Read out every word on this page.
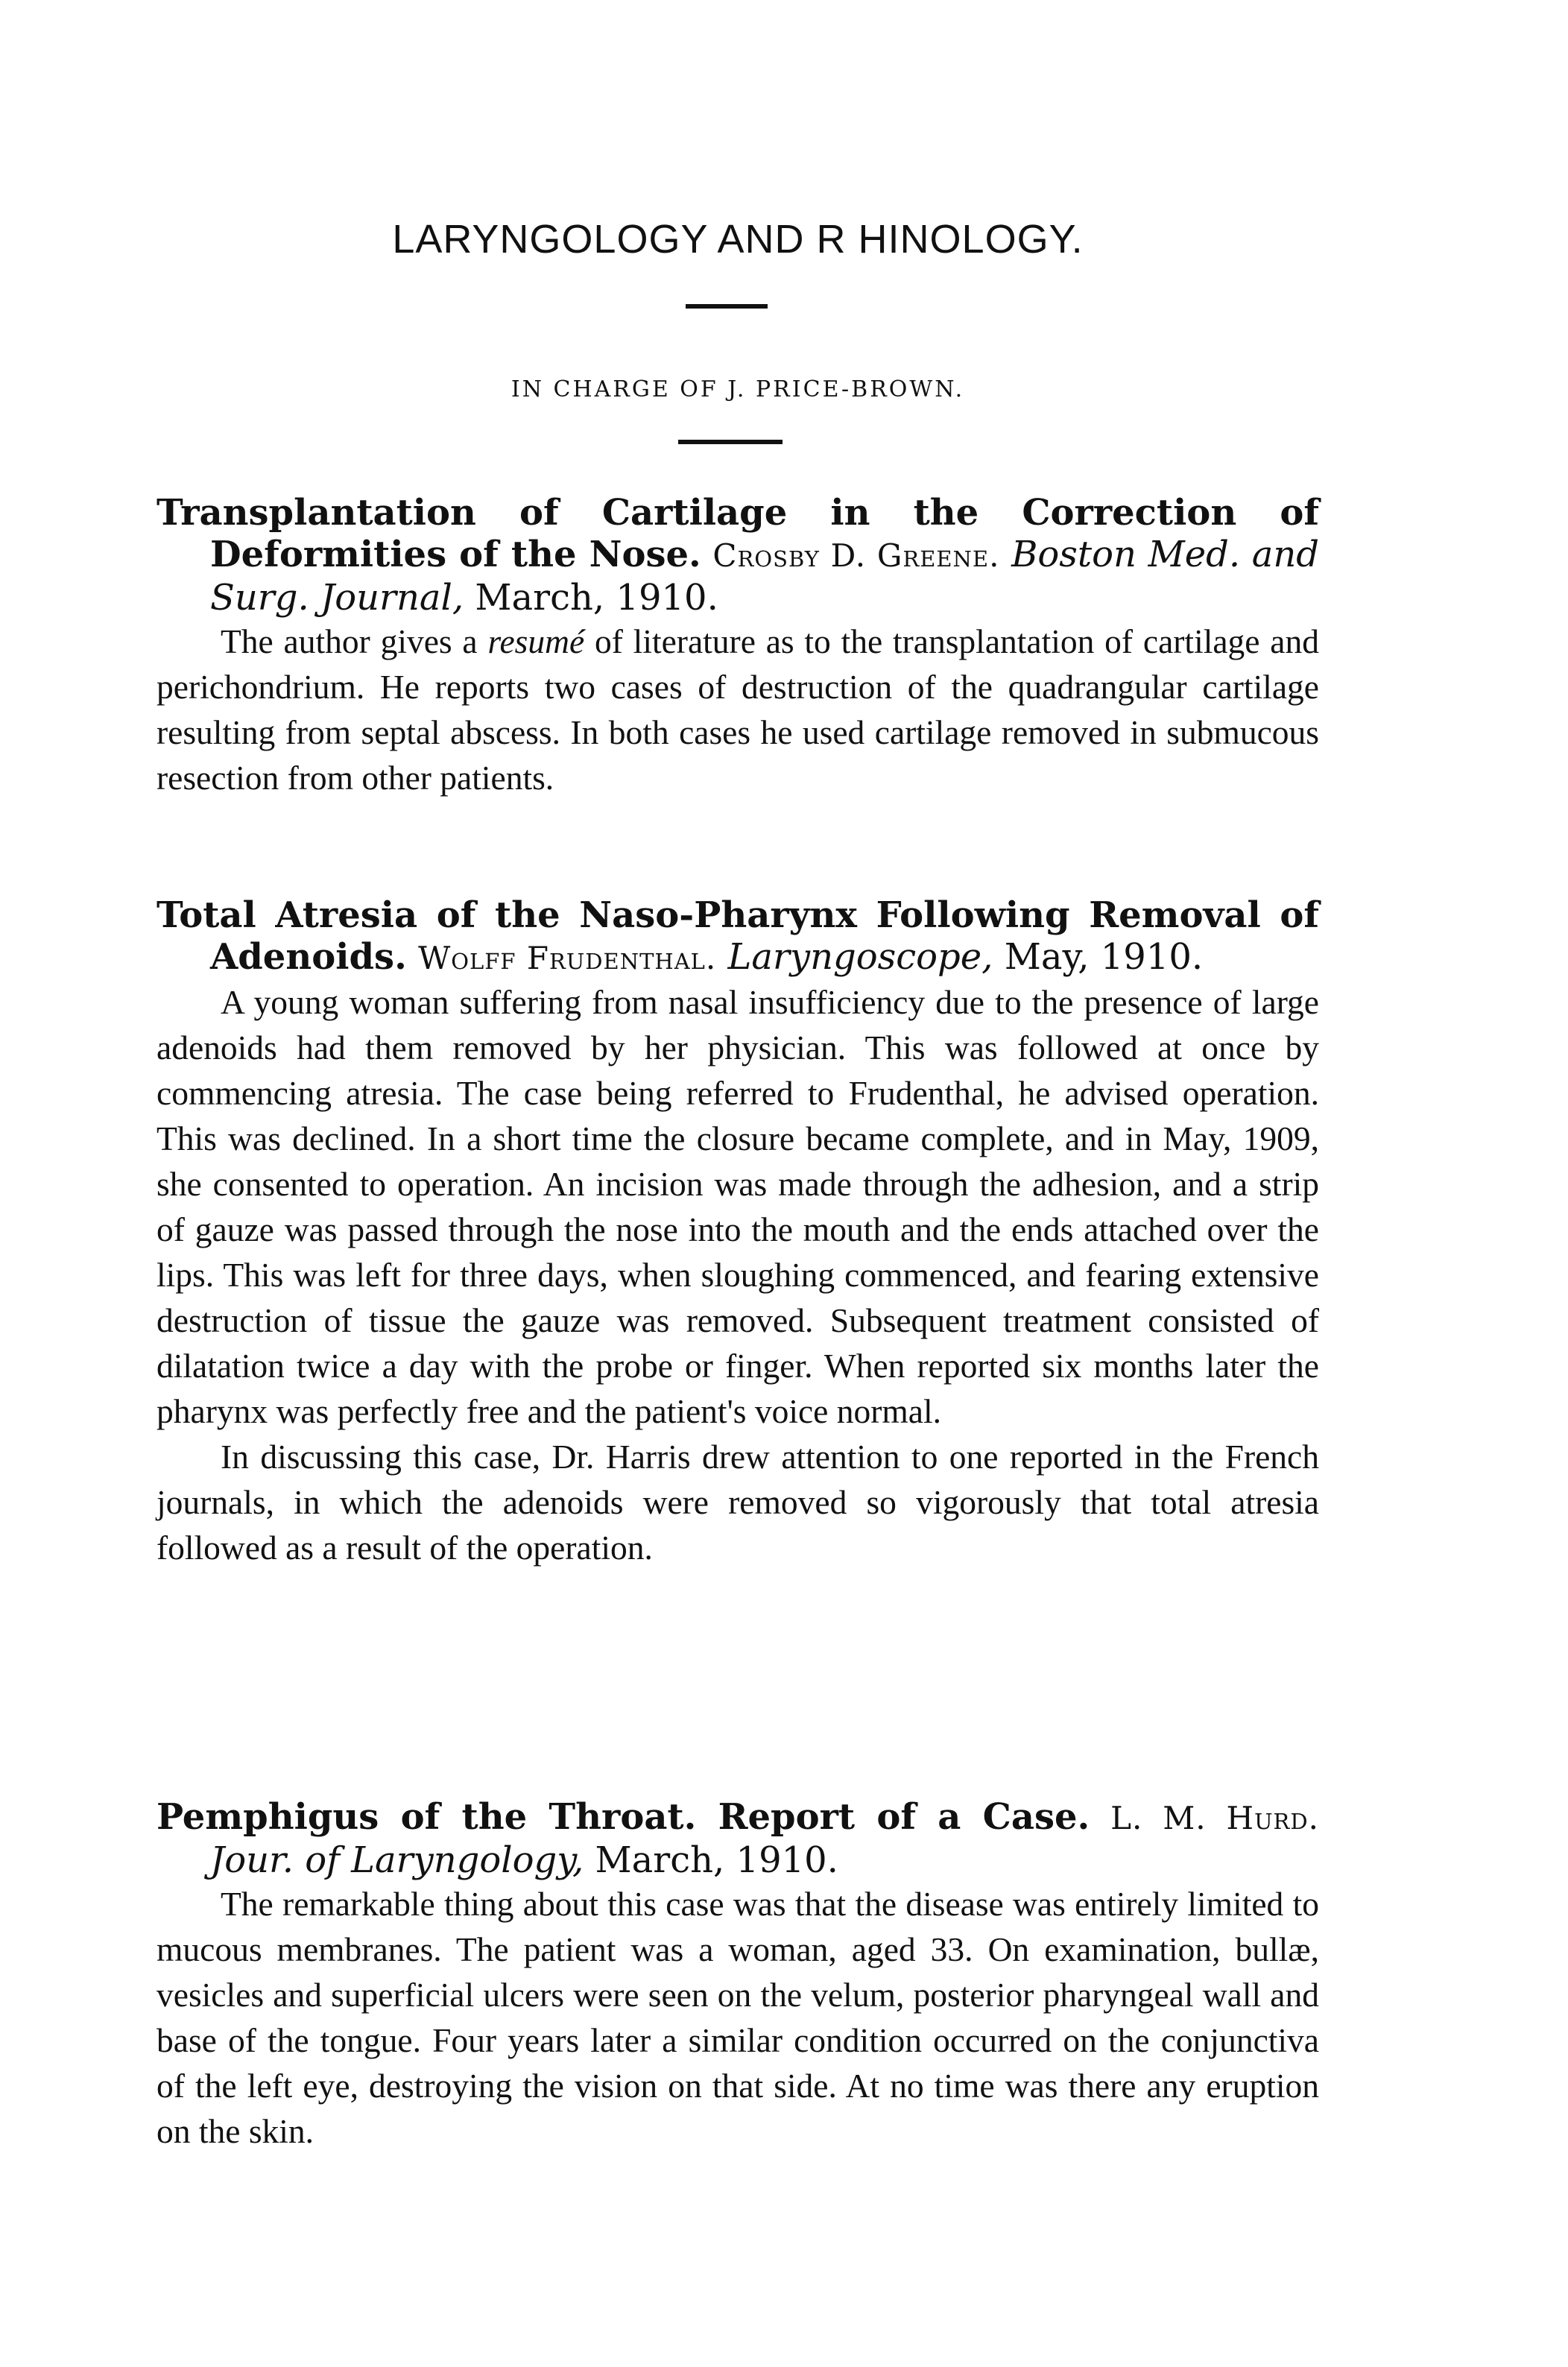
LARYNGOLOGY AND R HINOLOGY.
IN CHARGE OF J. PRICE-BROWN.

Transplantation of Cartilage in the Correction of Deformities of the Nose. Crosby D. Greene. Boston Med. and Surg. Journal, March, 1910.

The author gives a resumé of literature as to the transplantation of cartilage and perichondrium. He reports two cases of destruction of the quadrangular cartilage resulting from septal abscess. In both cases he used cartilage removed in submucous resection from other patients.

Total Atresia of the Naso-Pharynx Following Removal of Adenoids. Wolff Frudenthal. Laryngoscope, May, 1910.

A young woman suffering from nasal insufficiency due to the presence of large adenoids had them removed by her physician. This was followed at once by commencing atresia. The case being referred to Frudenthal, he advised operation. This was declined. In a short time the closure became complete, and in May, 1909, she consented to operation. An incision was made through the adhesion, and a strip of gauze was passed through the nose into the mouth and the ends attached over the lips. This was left for three days, when sloughing commenced, and fearing extensive destruction of tissue the gauze was removed. Subsequent treatment consisted of dilatation twice a day with the probe or finger. When reported six months later the pharynx was perfectly free and the patient's voice normal.

In discussing this case, Dr. Harris drew attention to one reported in the French journals, in which the adenoids were removed so vigorously that total atresia followed as a result of the operation.

Pemphigus of the Throat. Report of a Case. L. M. Hurd. Jour. of Laryngology, March, 1910.

The remarkable thing about this case was that the disease was entirely limited to mucous membranes. The patient was a woman, aged 33. On examination, bullæ, vesicles and superficial ulcers were seen on the velum, posterior pharyngeal wall and base of the tongue. Four years later a similar condition occurred on the conjunctiva of the left eye, destroying the vision on that side. At no time was there any eruption on the skin.
